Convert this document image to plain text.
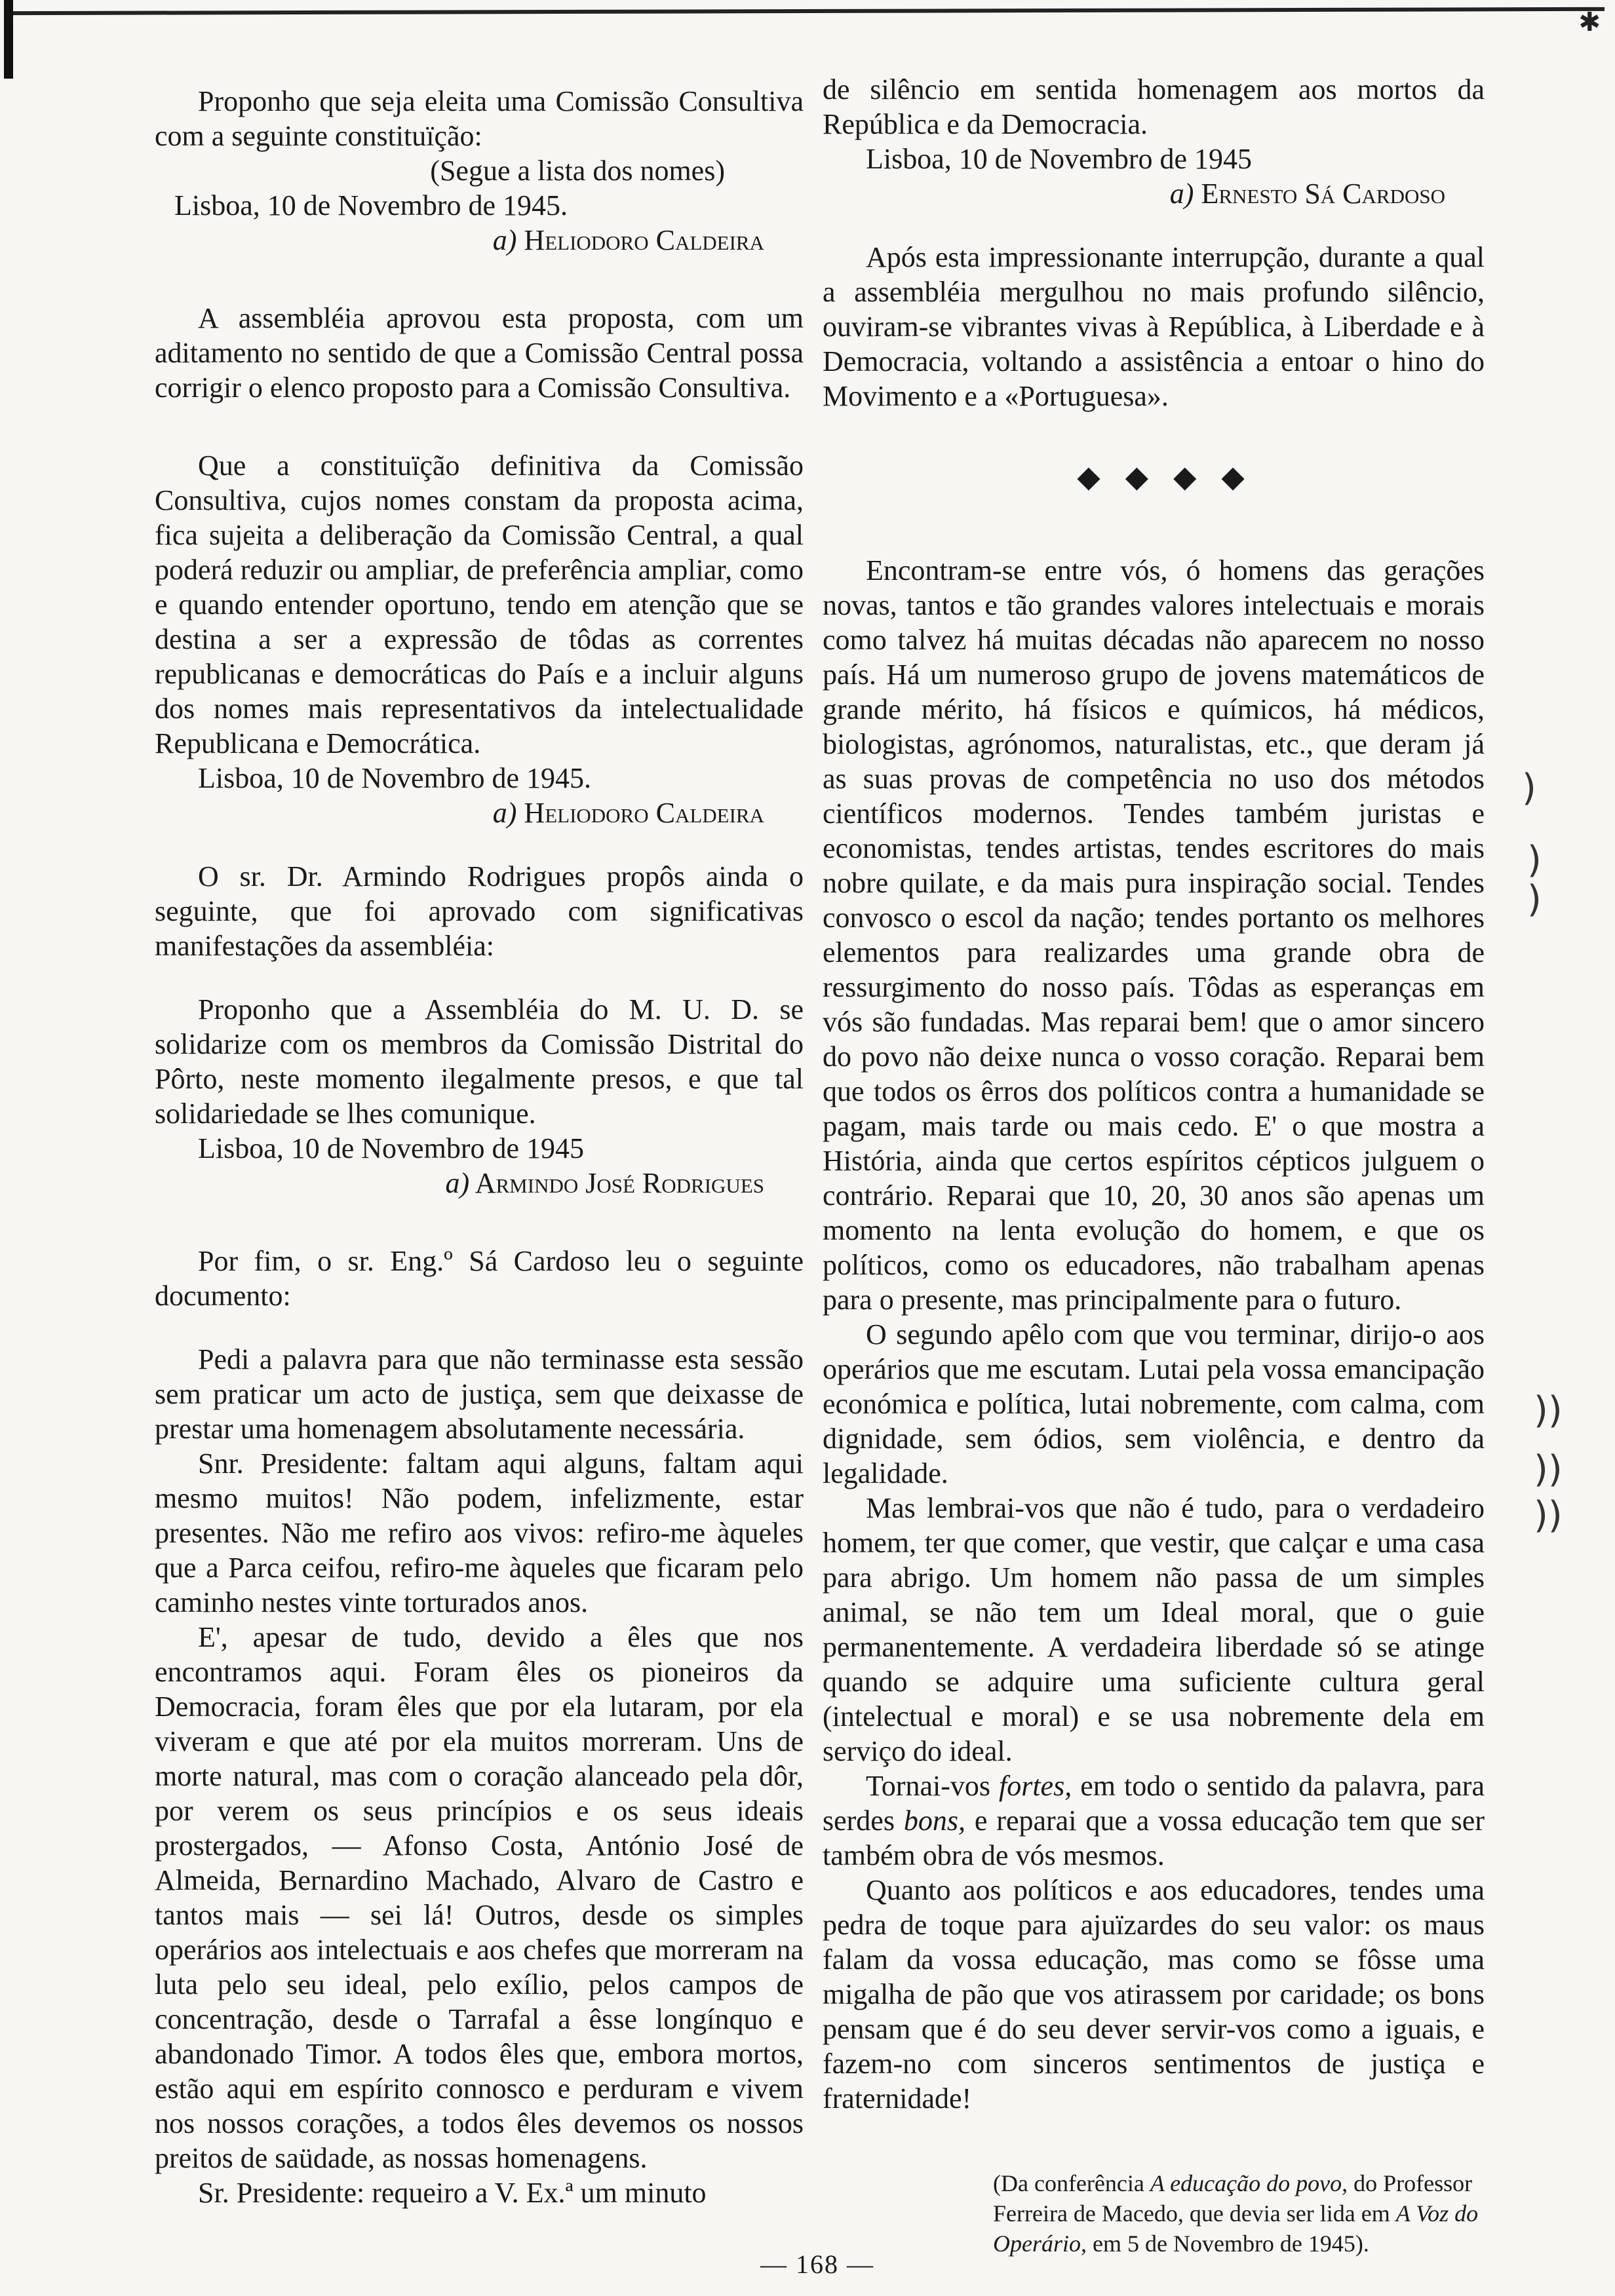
✱

Proponho que seja eleita uma Comissão Consultiva com a seguinte constituïção:

(Segue a lista dos nomes)

Lisboa, 10 de Novembro de 1945.

a) Heliodoro Caldeira

A assembléia aprovou esta proposta, com um aditamento no sentido de que a Comissão Central possa corrigir o elenco proposto para a Comissão Consultiva.

Que a constituïção definitiva da Comissão Consultiva, cujos nomes constam da proposta acima, fica sujeita a deliberação da Comissão Central, a qual poderá reduzir ou ampliar, de preferência ampliar, como e quando entender oportuno, tendo em atenção que se destina a ser a expressão de tôdas as correntes republicanas e democráticas do País e a incluir alguns dos nomes mais representativos da intelectualidade Republicana e Democrática.

Lisboa, 10 de Novembro de 1945.

a) Heliodoro Caldeira

O sr. Dr. Armindo Rodrigues propôs ainda o seguinte, que foi aprovado com significativas manifestações da assembléia:

Proponho que a Assembléia do M. U. D. se solidarize com os membros da Comissão Distrital do Pôrto, neste momento ilegalmente presos, e que tal solidariedade se lhes comunique.

Lisboa, 10 de Novembro de 1945

a) Armindo José Rodrigues

Por fim, o sr. Eng.º Sá Cardoso leu o seguinte documento:

Pedi a palavra para que não terminasse esta sessão sem praticar um acto de justiça, sem que deixasse de prestar uma homenagem absolutamente necessária.

Snr. Presidente: faltam aqui alguns, faltam aqui mesmo muitos! Não podem, infelizmente, estar presentes. Não me refiro aos vivos: refiro-me àqueles que a Parca ceifou, refiro-me àqueles que ficaram pelo caminho nestes vinte torturados anos.

E', apesar de tudo, devido a êles que nos encontramos aqui. Foram êles os pioneiros da Democracia, foram êles que por ela lutaram, por ela viveram e que até por ela muitos morreram. Uns de morte natural, mas com o coração alanceado pela dôr, por verem os seus princípios e os seus ideais prostergados, — Afonso Costa, António José de Almeida, Bernardino Machado, Alvaro de Castro e tantos mais — sei lá! Outros, desde os simples operários aos intelectuais e aos chefes que morreram na luta pelo seu ideal, pelo exílio, pelos campos de concentração, desde o Tarrafal a êsse longínquo e abandonado Timor. A todos êles que, embora mortos, estão aqui em espírito connosco e perduram e vivem nos nossos corações, a todos êles devemos os nossos preitos de saüdade, as nossas homenagens.

Sr. Presidente: requeiro a V. Ex.ª um minuto

de silêncio em sentida homenagem aos mortos da República e da Democracia.

Lisboa, 10 de Novembro de 1945

a) Ernesto Sá Cardoso

Após esta impressionante interrupção, durante a qual a assembléia mergulhou no mais profundo silêncio, ouviram-se vibrantes vivas à República, à Liberdade e à Democracia, voltando a assistência a entoar o hino do Movimento e a «Portuguesa».

◆◆◆◆

Encontram-se entre vós, ó homens das gerações novas, tantos e tão grandes valores intelectuais e morais como talvez há muitas décadas não aparecem no nosso país. Há um numeroso grupo de jovens matemáticos de grande mérito, há físicos e químicos, há médicos, biologistas, agrónomos, naturalistas, etc., que deram já as suas provas de competência no uso dos métodos científicos modernos. Tendes também juristas e economistas, tendes artistas, tendes escritores do mais nobre quilate, e da mais pura inspiração social. Tendes convosco o escol da nação; tendes portanto os melhores elementos para realizardes uma grande obra de ressurgimento do nosso país. Tôdas as esperanças em vós são fundadas. Mas reparai bem! que o amor sincero do povo não deixe nunca o vosso coração. Reparai bem que todos os êrros dos políticos contra a humanidade se pagam, mais tarde ou mais cedo. E' o que mostra a História, ainda que certos espíritos cépticos julguem o contrário. Reparai que 10, 20, 30 anos são apenas um momento na lenta evolução do homem, e que os políticos, como os educadores, não trabalham apenas para o presente, mas principalmente para o futuro.

O segundo apêlo com que vou terminar, dirijo-o aos operários que me escutam. Lutai pela vossa emancipação económica e política, lutai nobremente, com calma, com dignidade, sem ódios, sem violência, e dentro da legalidade.

Mas lembrai-vos que não é tudo, para o verdadeiro homem, ter que comer, que vestir, que calçar e uma casa para abrigo. Um homem não passa de um simples animal, se não tem um Ideal moral, que o guie permanentemente. A verdadeira liberdade só se atinge quando se adquire uma suficiente cultura geral (intelectual e moral) e se usa nobremente dela em serviço do ideal.

Tornai-vos fortes, em todo o sentido da palavra, para serdes bons, e reparai que a vossa educação tem que ser também obra de vós mesmos.

Quanto aos políticos e aos educadores, tendes uma pedra de toque para ajuïzardes do seu valor: os maus falam da vossa educação, mas como se fôsse uma migalha de pão que vos atirassem por caridade; os bons pensam que é do seu dever servir-vos como a iguais, e fazem-no com sinceros sentimentos de justiça e fraternidade!

(Da conferência A educação do povo, do Professor Ferreira de Macedo, que devia ser lida em A Voz do Operário, em 5 de Novembro de 1945).

)
)
)
))
))
))
— 168 —
